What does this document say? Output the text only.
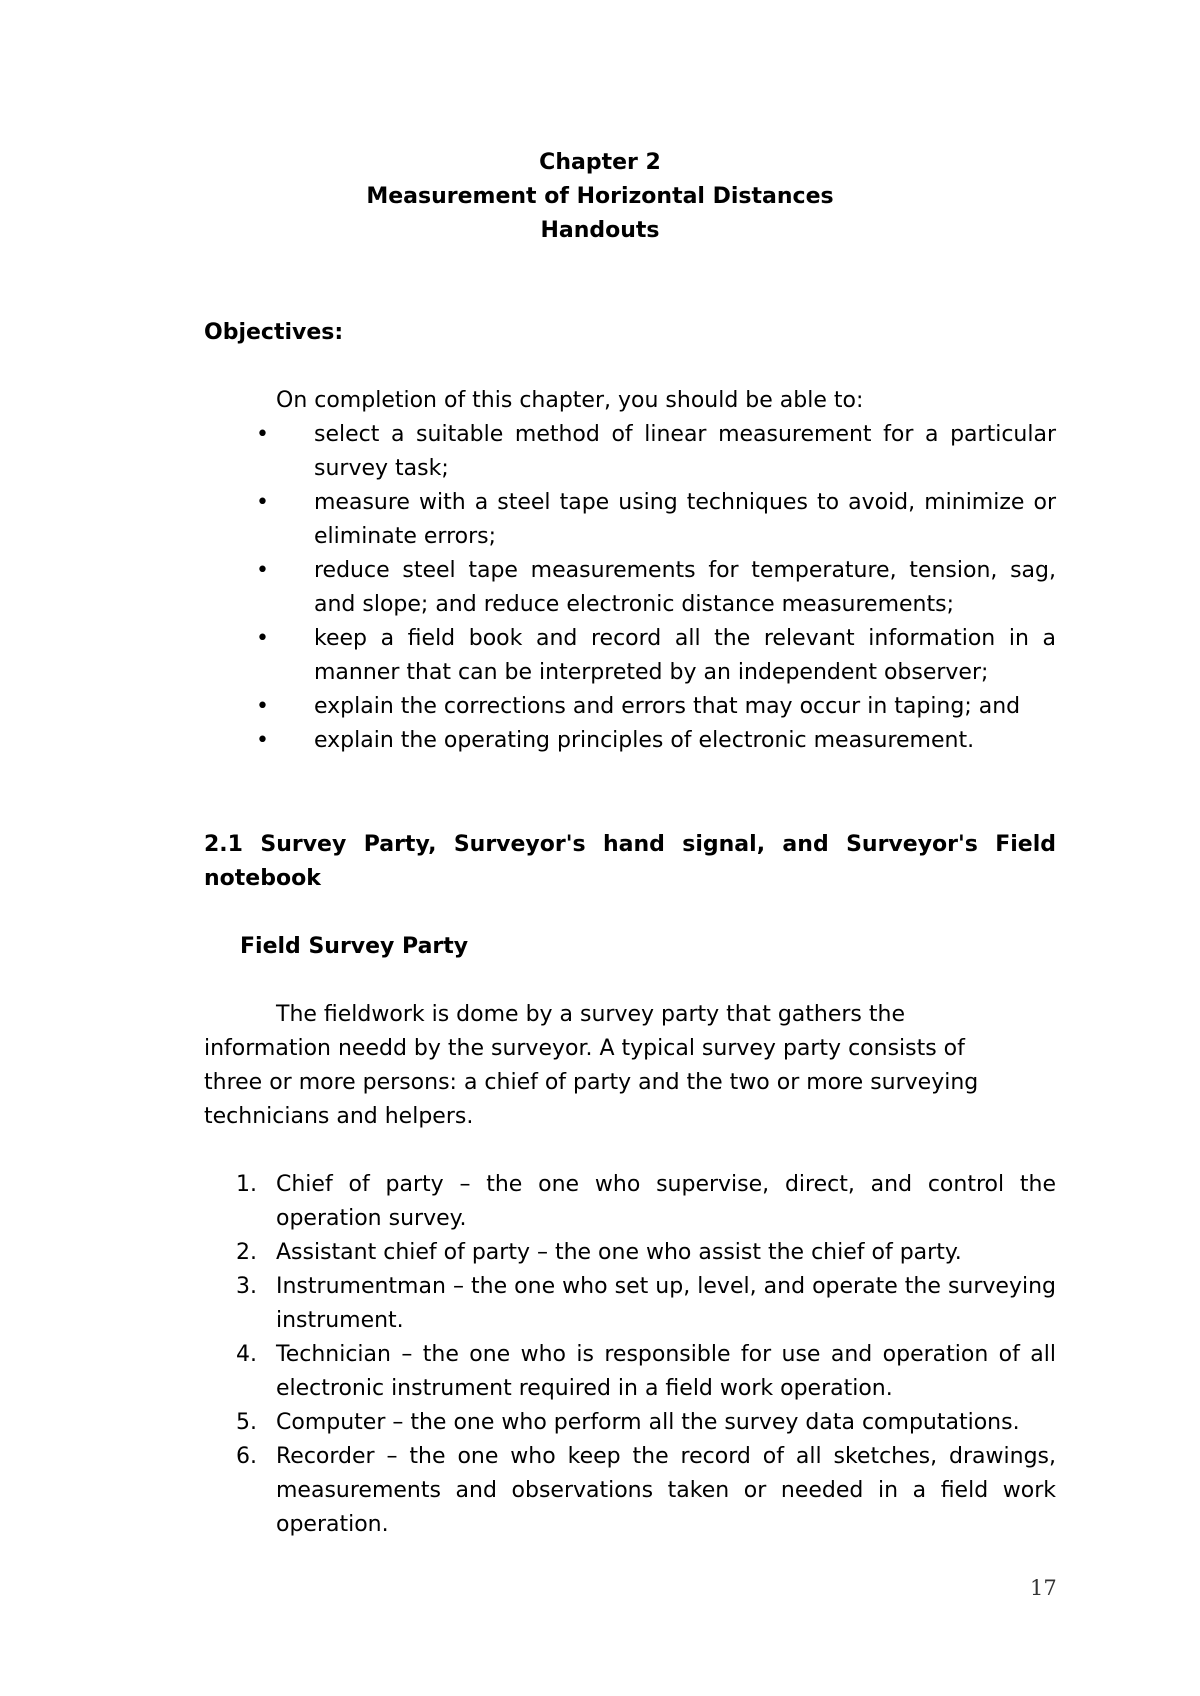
Chapter 2
Measurement of Horizontal Distances
Handouts
Objectives:
On completion of this chapter, you should be able to:
•	select a suitable method of linear measurement for a particular survey task;
•	measure with a steel tape using techniques to avoid, minimize or eliminate errors;
•	reduce steel tape measurements for temperature, tension, sag, and slope; and reduce electronic distance measurements;
•	keep a field book and record all the relevant information in a manner that can be interpreted by an independent observer;
•	explain the corrections and errors that may occur in taping; and
•	explain the operating principles of electronic measurement.
2.1 Survey Party, Surveyor's hand signal, and Surveyor's Field
notebook
Field Survey Party
The fieldwork is dome by a survey party that gathers the
information needd by the surveyor. A typical survey party consists of
three or more persons: a chief of party and the two or more surveying
technicians and helpers.
1. Chief of party – the one who supervise, direct, and control the operation survey.
2. Assistant chief of party – the one who assist the chief of party.
3. Instrumentman – the one who set up, level, and operate the surveying instrument.
4. Technician – the one who is responsible for use and operation of all electronic instrument required in a field work operation.
5. Computer – the one who perform all the survey data computations.
6. Recorder – the one who keep the record of all sketches, drawings, measurements and observations taken or needed in a field work operation.
17
